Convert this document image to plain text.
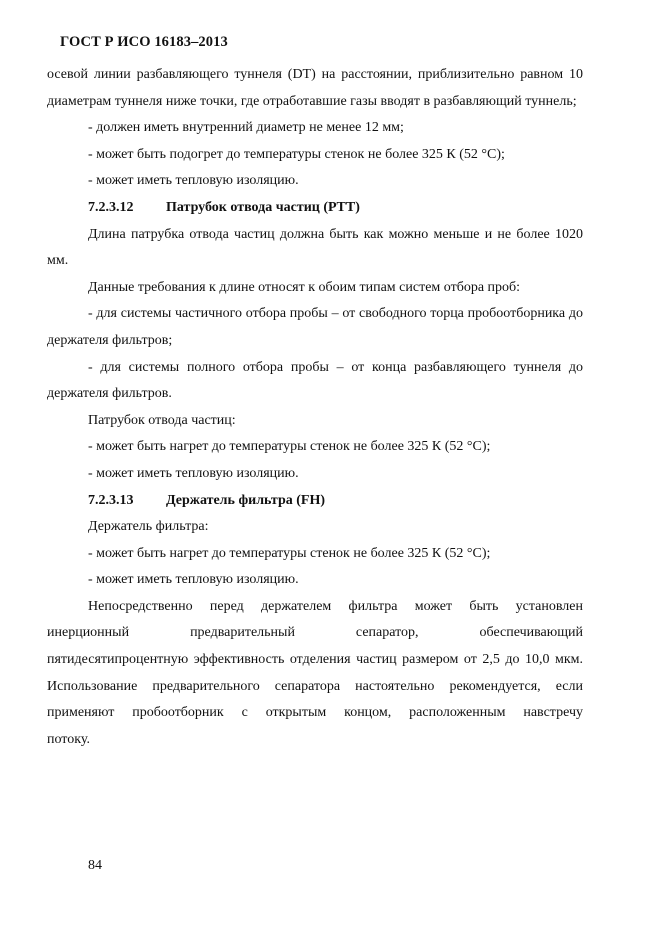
ГОСТ Р ИСО 16183–2013

осевой линии разбавляющего туннеля (DT) на расстоянии, приблизительно равном 10 диаметрам туннеля ниже точки, где отработавшие газы вводят в разбавляющий туннель;

- должен иметь внутренний диаметр не менее 12 мм;

- может быть подогрет до температуры стенок не более 325 К (52 °С);

- может иметь тепловую изоляцию.

7.2.3.12 Патрубок отвода частиц (PTT)

Длина патрубка отвода частиц должна быть как можно меньше и не более 1020 мм.

Данные требования к длине относят к обоим типам систем отбора проб:

- для системы частичного отбора пробы – от свободного торца пробоотборника до держателя фильтров;

- для системы полного отбора пробы – от конца разбавляющего туннеля до держателя фильтров.

Патрубок отвода частиц:

- может быть нагрет до температуры стенок не более 325 К (52 °С);

- может иметь тепловую изоляцию.

7.2.3.13 Держатель фильтра (FH)

Держатель фильтра:

- может быть нагрет до температуры стенок не более 325 К (52 °С);

- может иметь тепловую изоляцию.

Непосредственно перед держателем фильтра может быть установлен

инерционный предварительный сепаратор, обеспечивающий

пятидесятипроцентную эффективность отделения частиц размером от 2,5 до 10,0 мкм.

Использование предварительного сепаратора настоятельно рекомендуется, если

применяют пробоотборник с открытым концом, расположенным навстречу

потоку.

84
